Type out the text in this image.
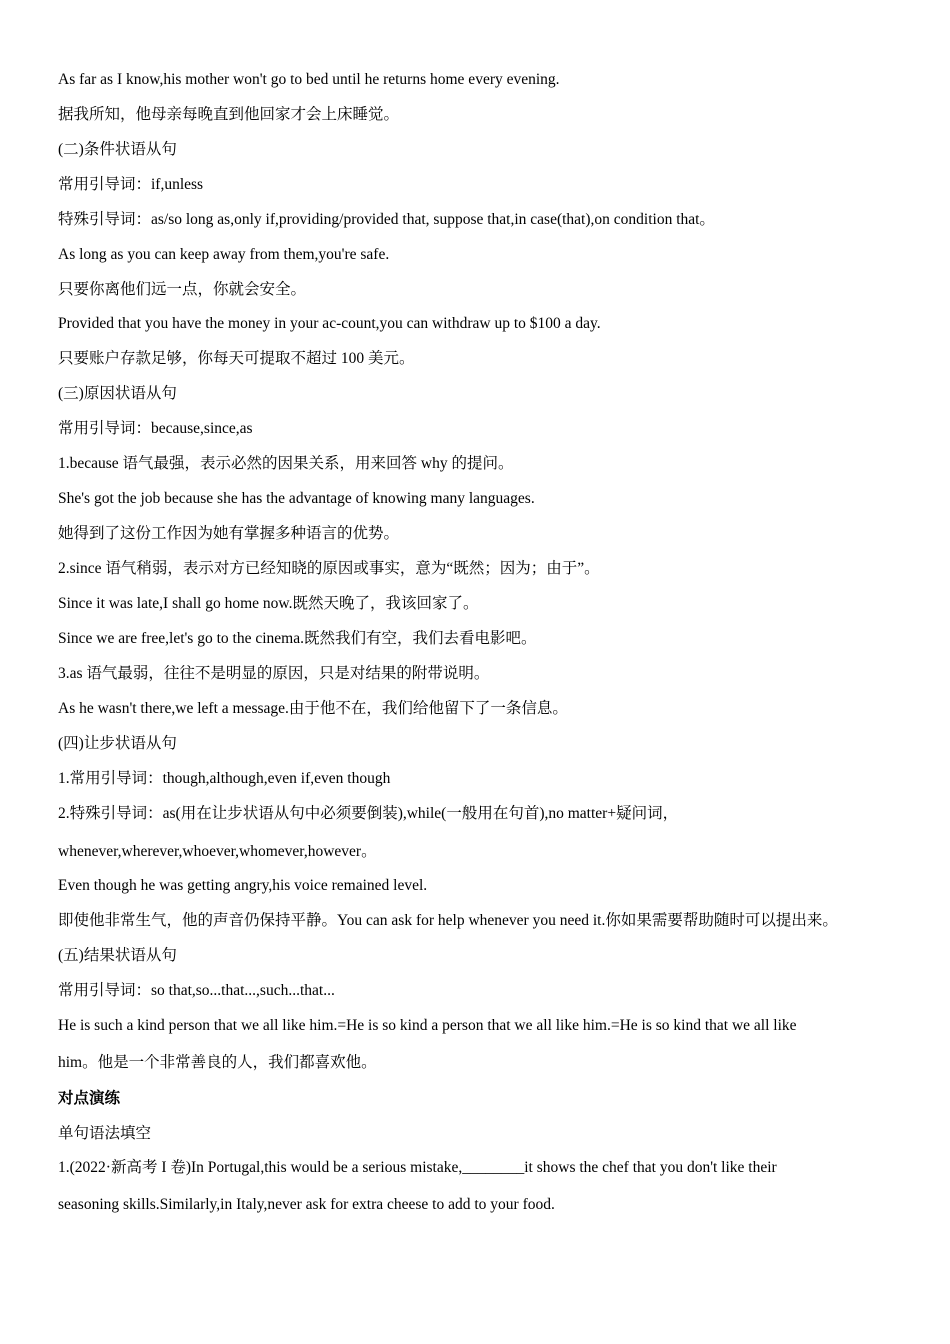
As far as I know,his mother won't go to bed until he returns home every evening.
据我所知，他母亲每晚直到他回家才会上床睡觉。
(二)条件状语从句
常用引导词：if,unless
特殊引导词：as/so long as,only if,providing/provided that, suppose that,in case(that),on condition that。
As long as you can keep away from them,you're safe.
只要你离他们远一点，你就会安全。
Provided that you have the money in your ac-count,you can withdraw up to $100 a day.
只要账户存款足够，你每天可提取不超过 100 美元。
(三)原因状语从句
常用引导词：because,since,as
1.because 语气最强，表示必然的因果关系，用来回答 why 的提问。
She's got the job because she has the advantage of knowing many languages.
她得到了这份工作因为她有掌握多种语言的优势。
2.since 语气稍弱，表示对方已经知晓的原因或事实，意为“既然；因为；由于”。
Since it was late,I shall go home now.既然天晚了，我该回家了。
Since we are free,let's go to the cinema.既然我们有空，我们去看电影吧。
3.as 语气最弱，往往不是明显的原因，只是对结果的附带说明。
As he wasn't there,we left a message.由于他不在，我们给他留下了一条信息。
(四)让步状语从句
1.常用引导词：though,although,even if,even though
2.特殊引导词：as(用在让步状语从句中必须要倒装),while(一般用在句首),no matter+疑问词，
whenever,wherever,whoever,whomever,however。
Even though he was getting angry,his voice remained level.
即使他非常生气，他的声音仍保持平静。You can ask for help whenever you need it.你如果需要帮助随时可以提出来。
(五)结果状语从句
常用引导词：so that,so...that...,such...that...
He is such a kind person that we all like him.=He is so kind a person that we all like him.=He is so kind that we all like
him。他是一个非常善良的人，我们都喜欢他。
对点演练
单句语法填空
1.(2022·新高考 I 卷)In Portugal,this would be a serious mistake,________it shows the chef that you don't like their
seasoning skills.Similarly,in Italy,never ask for extra cheese to add to your food.
